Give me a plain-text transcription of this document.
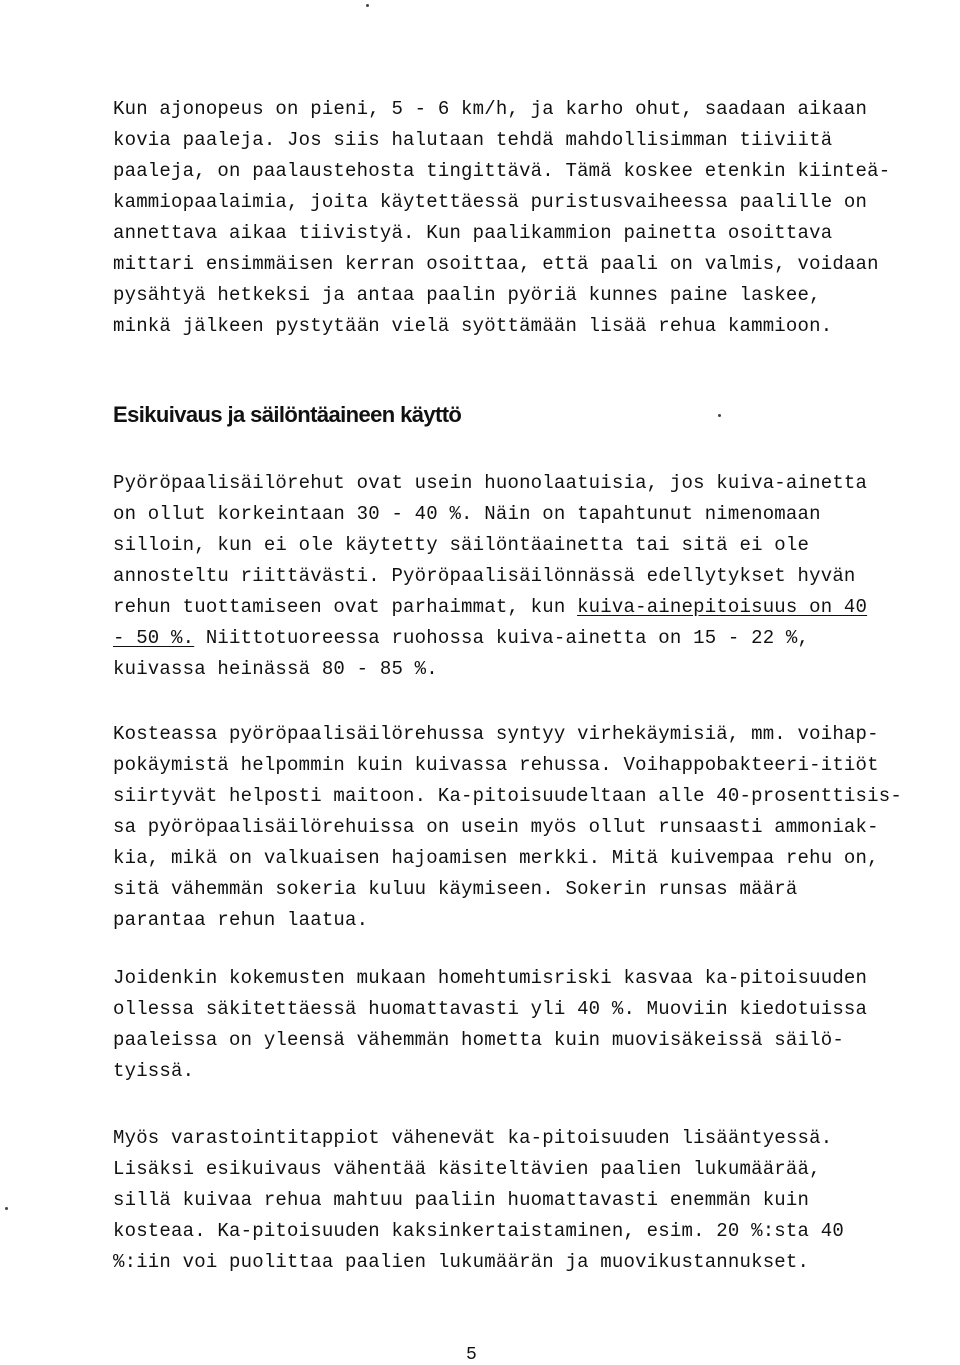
Kun ajonopeus on pieni, 5 - 6 km/h, ja karho ohut, saadaan aikaan
kovia paaleja. Jos siis halutaan tehdä mahdollisimman tiiviitä
paaleja, on paalaustehosta tingittävä. Tämä koskee etenkin kiinteä-
kammiopaalaimia, joita käytettäessä puristusvaiheessa paalille on
annettava aikaa tiivistyä. Kun paalikammion painetta osoittava
mittari ensimmäisen kerran osoittaa, että paali on valmis, voidaan
pysähtyä hetkeksi ja antaa paalin pyöriä kunnes paine laskee,
minkä jälkeen pystytään vielä syöttämään lisää rehua kammioon.
Esikuivaus ja säilöntäaineen käyttö
Pyöröpaalisäilörehut ovat usein huonolaatuisia, jos kuiva-ainetta
on ollut korkeintaan 30 - 40 %. Näin on tapahtunut nimenomaan
silloin, kun ei ole käytetty säilöntäainetta tai sitä ei ole
annosteltu riittävästi. Pyöröpaalisäilönnässä edellytykset hyvän
rehun tuottamiseen ovat parhaimmat, kun kuiva-ainepitoisuus on 40
- 50 %. Niittotuoreessa ruohossa kuiva-ainetta on 15 - 22 %,
kuivassa heinässä 80 - 85 %.
Kosteassa pyöröpaalisäilörehussa syntyy virhekäymisiä, mm. voihap-
pokäymistä helpommin kuin kuivassa rehussa. Voihappobakteeri-itiöt
siirtyvät helposti maitoon. Ka-pitoisuudeltaan alle 40-prosenttisis-
sa pyöröpaalisäilörehuissa on usein myös ollut runsaasti ammoniak-
kia, mikä on valkuaisen hajoamisen merkki. Mitä kuivempaa rehu on,
sitä vähemmän sokeria kuluu käymiseen. Sokerin runsas määrä
parantaa rehun laatua.
Joidenkin kokemusten mukaan homehtumisriski kasvaa ka-pitoisuuden
ollessa säkitettäessä huomattavasti yli 40 %. Muoviin kiedotuissa
paaleissa on yleensä vähemmän hometta kuin muovisäkeissä säilö-
tyissä.
Myös varastointitappiot vähenevät ka-pitoisuuden lisääntyessä.
Lisäksi esikuivaus vähentää käsiteltävien paalien lukumäärää,
sillä kuivaa rehua mahtuu paaliin huomattavasti enemmän kuin
kosteaa. Ka-pitoisuuden kaksinkertaistaminen, esim. 20 %:sta 40
%:iin voi puolittaa paalien lukumäärän ja muovikustannukset.
5
